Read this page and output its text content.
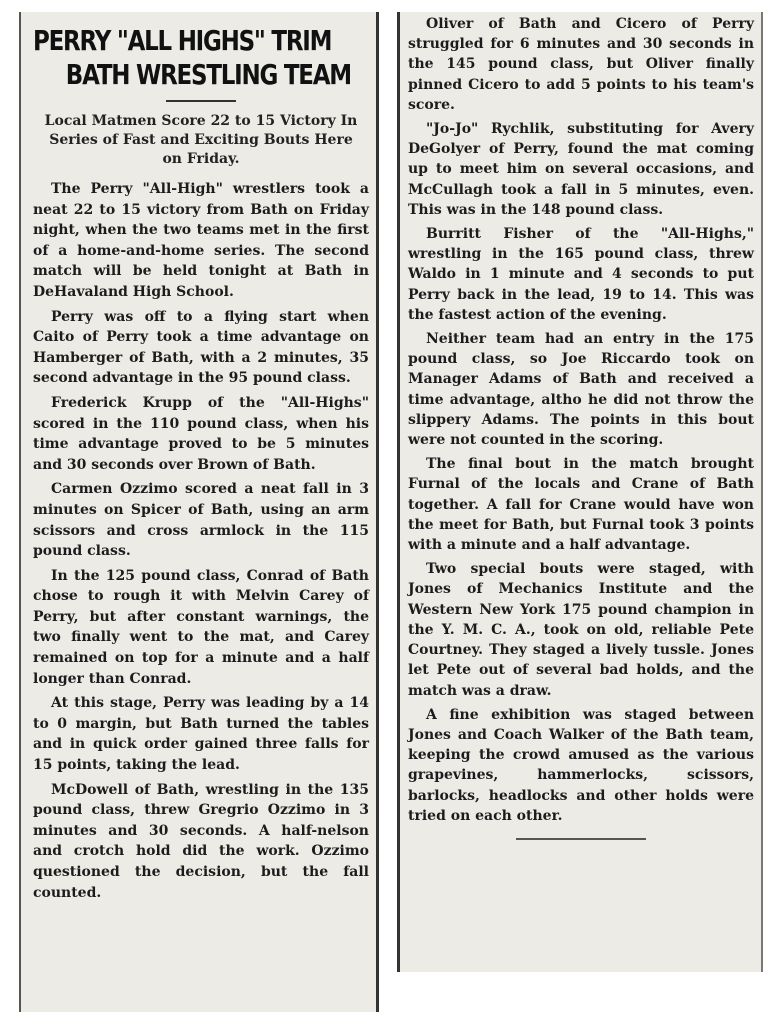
PERRY "ALL HIGHS" TRIM
BATH WRESTLING TEAM
Local Matmen Score 22 to 15 Victory In Series of Fast and Exciting Bouts Here on Friday.

The Perry "All-High" wrestlers took a neat 22 to 15 victory from Bath on Friday night, when the two teams met in the first of a home-and-home series. The second match will be held tonight at Bath in DeHavaland High School.

Perry was off to a flying start when Caito of Perry took a time advantage on Hamberger of Bath, with a 2 minutes, 35 second advantage in the 95 pound class.

Frederick Krupp of the "All-Highs" scored in the 110 pound class, when his time advantage proved to be 5 minutes and 30 seconds over Brown of Bath.

Carmen Ozzimo scored a neat fall in 3 minutes on Spicer of Bath, using an arm scissors and cross armlock in the 115 pound class.

In the 125 pound class, Conrad of Bath chose to rough it with Melvin Carey of Perry, but after constant warnings, the two finally went to the mat, and Carey remained on top for a minute and a half longer than Conrad.

At this stage, Perry was leading by a 14 to 0 margin, but Bath turned the tables and in quick order gained three falls for 15 points, taking the lead.

McDowell of Bath, wrestling in the 135 pound class, threw Gregrio Ozzimo in 3 minutes and 30 seconds. A half-nelson and crotch hold did the work. Ozzimo questioned the decision, but the fall counted.

Oliver of Bath and Cicero of Perry struggled for 6 minutes and 30 seconds in the 145 pound class, but Oliver finally pinned Cicero to add 5 points to his team's score.

"Jo-Jo" Rychlik, substituting for Avery DeGolyer of Perry, found the mat coming up to meet him on several occasions, and McCullagh took a fall in 5 minutes, even. This was in the 148 pound class.

Burritt Fisher of the "All-Highs," wrestling in the 165 pound class, threw Waldo in 1 minute and 4 seconds to put Perry back in the lead, 19 to 14. This was the fastest action of the evening.

Neither team had an entry in the 175 pound class, so Joe Riccardo took on Manager Adams of Bath and received a time advantage, altho he did not throw the slippery Adams. The points in this bout were not counted in the scoring.

The final bout in the match brought Furnal of the locals and Crane of Bath together. A fall for Crane would have won the meet for Bath, but Furnal took 3 points with a minute and a half advantage.

Two special bouts were staged, with Jones of Mechanics Institute and the Western New York 175 pound champion in the Y. M. C. A., took on old, reliable Pete Courtney. They staged a lively tussle. Jones let Pete out of several bad holds, and the match was a draw.

A fine exhibition was staged between Jones and Coach Walker of the Bath team, keeping the crowd amused as the various grapevines, hammerlocks, scissors, barlocks, headlocks and other holds were tried on each other.
